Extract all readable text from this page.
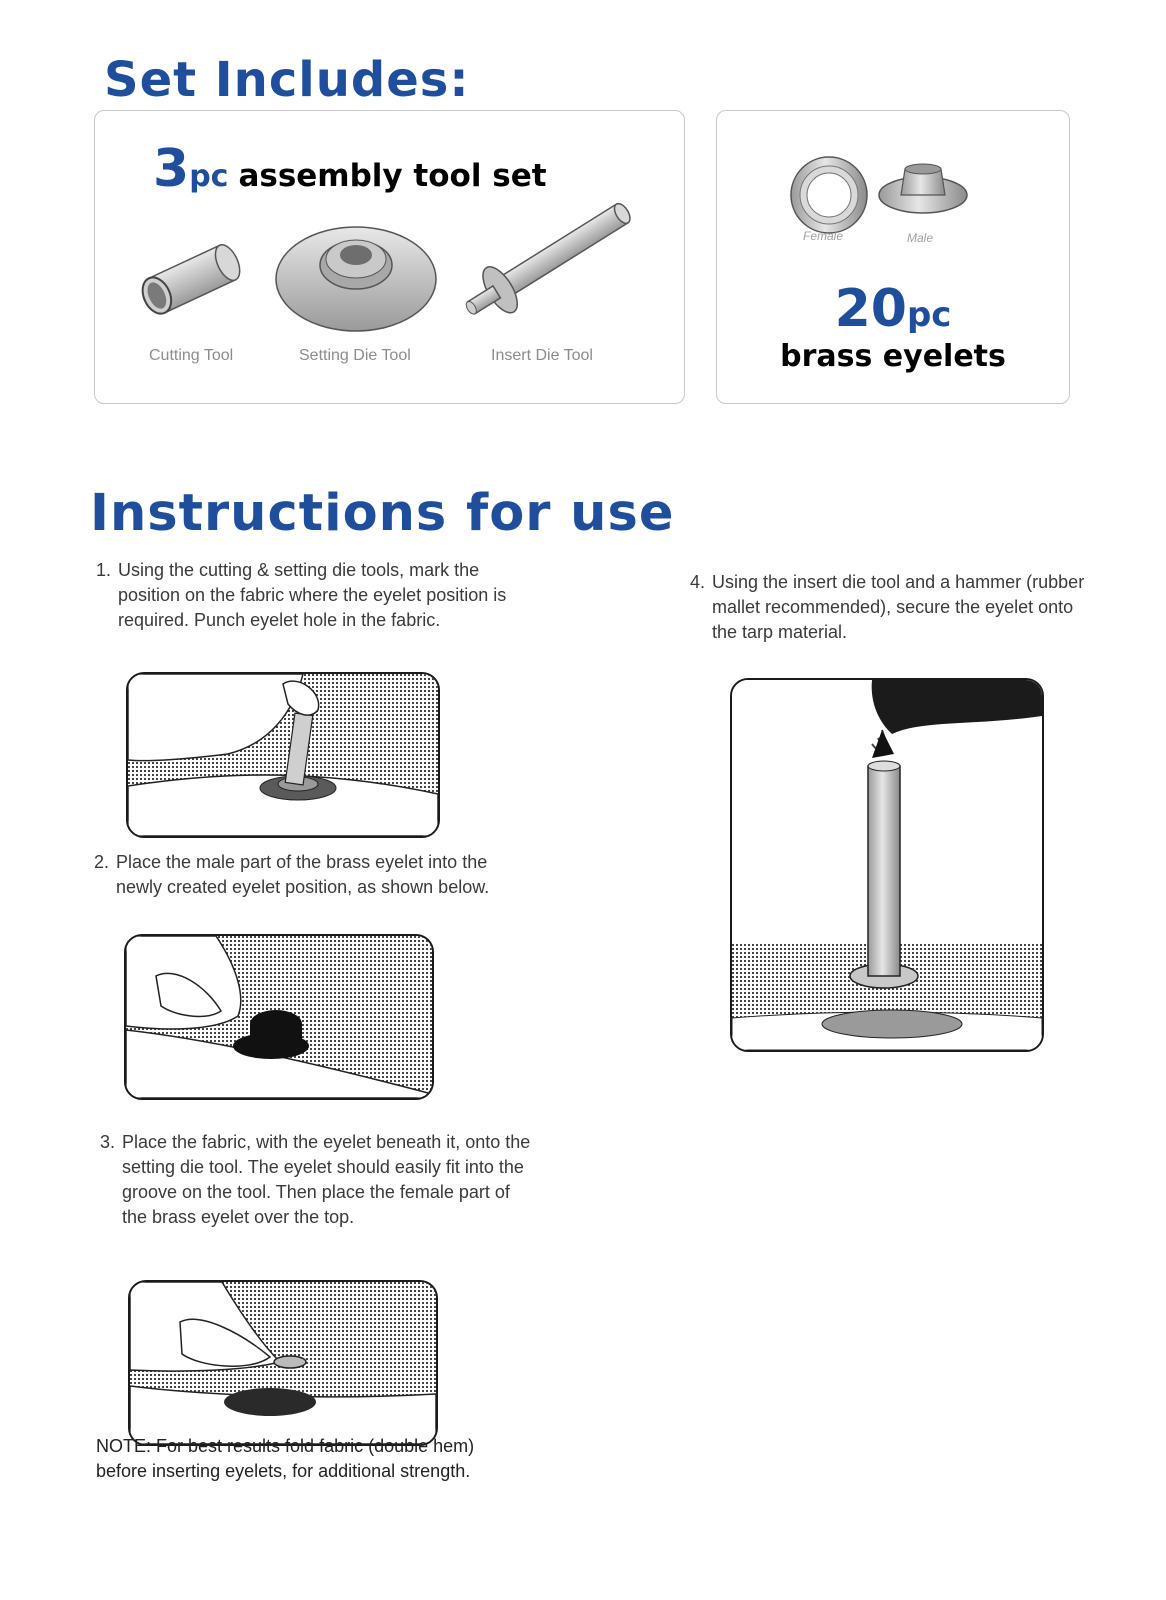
Set Includes:
3pc assembly tool set
Cutting Tool	Setting Die Tool	Insert Die Tool
Female	Male
20pc
brass eyelets
Instructions for use
1. Using the cutting & setting die tools, mark the position on the fabric where the eyelet position is required. Punch eyelet hole in the fabric.
2. Place the male part of the brass eyelet into the newly created eyelet position, as shown below.
3. Place the fabric, with the eyelet beneath it, onto the setting die tool. The eyelet should easily fit into the groove on the tool. Then place the female part of the brass eyelet over the top.
4. Using the insert die tool and a hammer (rubber mallet recommended), secure the eyelet onto the tarp material.
NOTE: For best results fold fabric (double hem) before inserting eyelets, for additional strength.
